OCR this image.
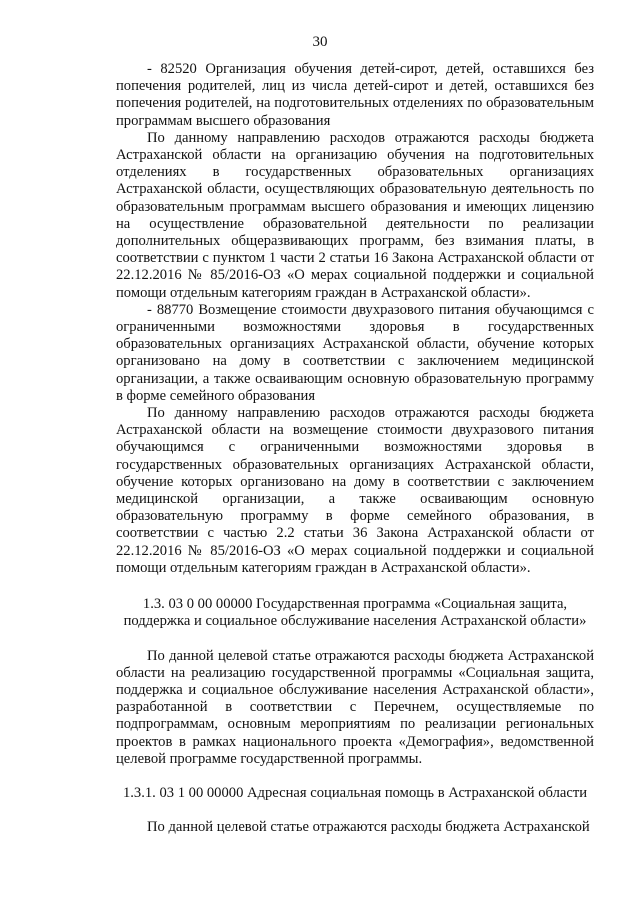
30

- 82520 Организация обучения детей-сирот, детей, оставшихся без попечения родителей, лиц из числа детей-сирот и детей, оставшихся без попечения родителей, на подготовительных отделениях по образовательным программам высшего образования

По данному направлению расходов отражаются расходы бюджета Астраханской области на организацию обучения на подготовительных отделениях в государственных образовательных организациях Астраханской области, осуществляющих образовательную деятельность по образовательным программам высшего образования и имеющих лицензию на осуществление образовательной деятельности по реализации дополнительных общеразвивающих программ, без взимания платы, в соответствии с пунктом 1 части 2 статьи 16 Закона Астраханской области от 22.12.2016 № 85/2016-ОЗ «О мерах социальной поддержки и социальной помощи отдельным категориям граждан в Астраханской области».

- 88770 Возмещение стоимости двухразового питания обучающимся с ограниченными возможностями здоровья в государственных образовательных организациях Астраханской области, обучение которых организовано на дому в соответствии с заключением медицинской организации, а также осваивающим основную образовательную программу в форме семейного образования

По данному направлению расходов отражаются расходы бюджета Астраханской области на возмещение стоимости двухразового питания обучающимся с ограниченными возможностями здоровья в государственных образовательных организациях Астраханской области, обучение которых организовано на дому в соответствии с заключением медицинской организации, а также осваивающим основную образовательную программу в форме семейного образования, в соответствии с частью 2.2 статьи 36 Закона Астраханской области от 22.12.2016 № 85/2016-ОЗ «О мерах социальной поддержки и социальной помощи отдельным категориям граждан в Астраханской области».

1.3. 03 0 00 00000 Государственная программа «Социальная защита, поддержка и социальное обслуживание населения Астраханской области»

По данной целевой статье отражаются расходы бюджета Астраханской области на реализацию государственной программы «Социальная защита, поддержка и социальное обслуживание населения Астраханской области», разработанной в соответствии с Перечнем, осуществляемые по подпрограммам, основным мероприятиям по реализации региональных проектов в рамках национального проекта «Демография», ведомственной целевой программе государственной программы.

1.3.1. 03 1 00 00000 Адресная социальная помощь в Астраханской области

По данной целевой статье отражаются расходы бюджета Астраханской
